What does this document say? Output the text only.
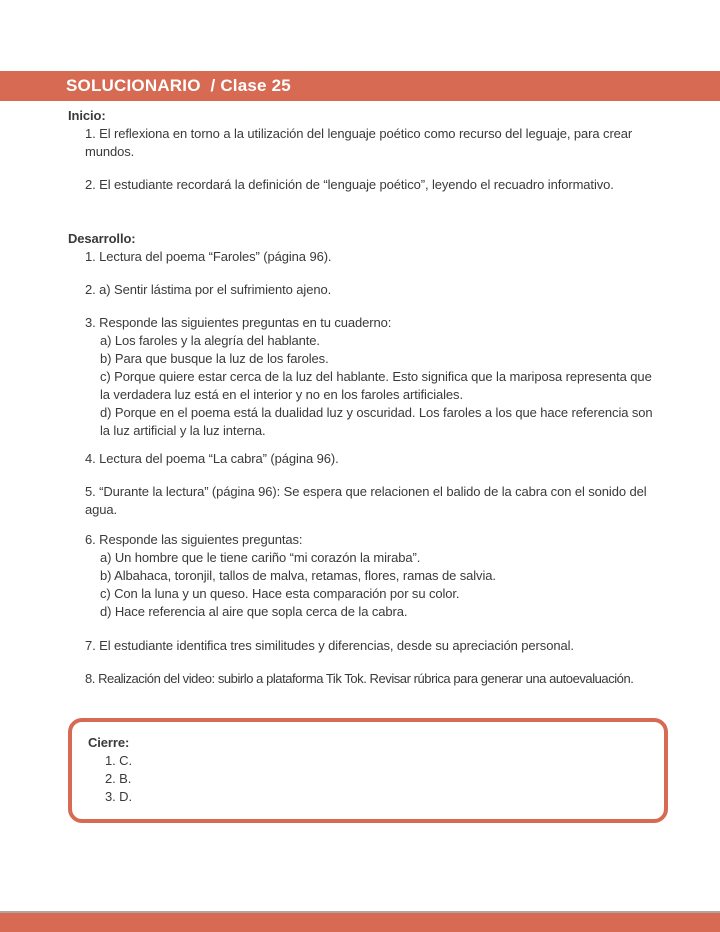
SOLUCIONARIO  / Clase 25
Inicio:
1. El reflexiona en torno a la utilización del lenguaje poético como recurso del leguaje, para crear mundos.
2. El estudiante recordará la definición de “lenguaje poético”, leyendo el recuadro informativo.
Desarrollo:
1. Lectura del poema “Faroles” (página 96).
2. a) Sentir lástima por el sufrimiento ajeno.
3. Responde las siguientes preguntas en tu cuaderno:
a) Los faroles y la alegría del hablante.
b) Para que busque la luz de los faroles.
c) Porque quiere estar cerca de la luz del hablante. Esto significa que la mariposa representa que la verdadera luz está en el interior y no en los faroles artificiales.
d) Porque en el poema está la dualidad luz y oscuridad. Los faroles a los que hace referencia son la luz artificial y la luz interna.
4. Lectura del poema “La cabra” (página 96).
5. “Durante la lectura” (página 96): Se espera que relacionen el balido de la cabra con el sonido del agua.
6. Responde las siguientes preguntas:
a) Un hombre que le tiene cariño “mi corazón la miraba”.
b) Albahaca, toronjil, tallos de malva, retamas, flores, ramas de salvia.
c) Con la luna y un queso. Hace esta comparación por su color.
d) Hace referencia al aire que sopla cerca de la cabra.
7. El estudiante identifica tres similitudes y diferencias, desde su apreciación personal.
8. Realización del video: subirlo a plataforma Tik Tok. Revisar rúbrica para generar una autoevaluación.
Cierre:
1. C.
2. B.
3. D.
